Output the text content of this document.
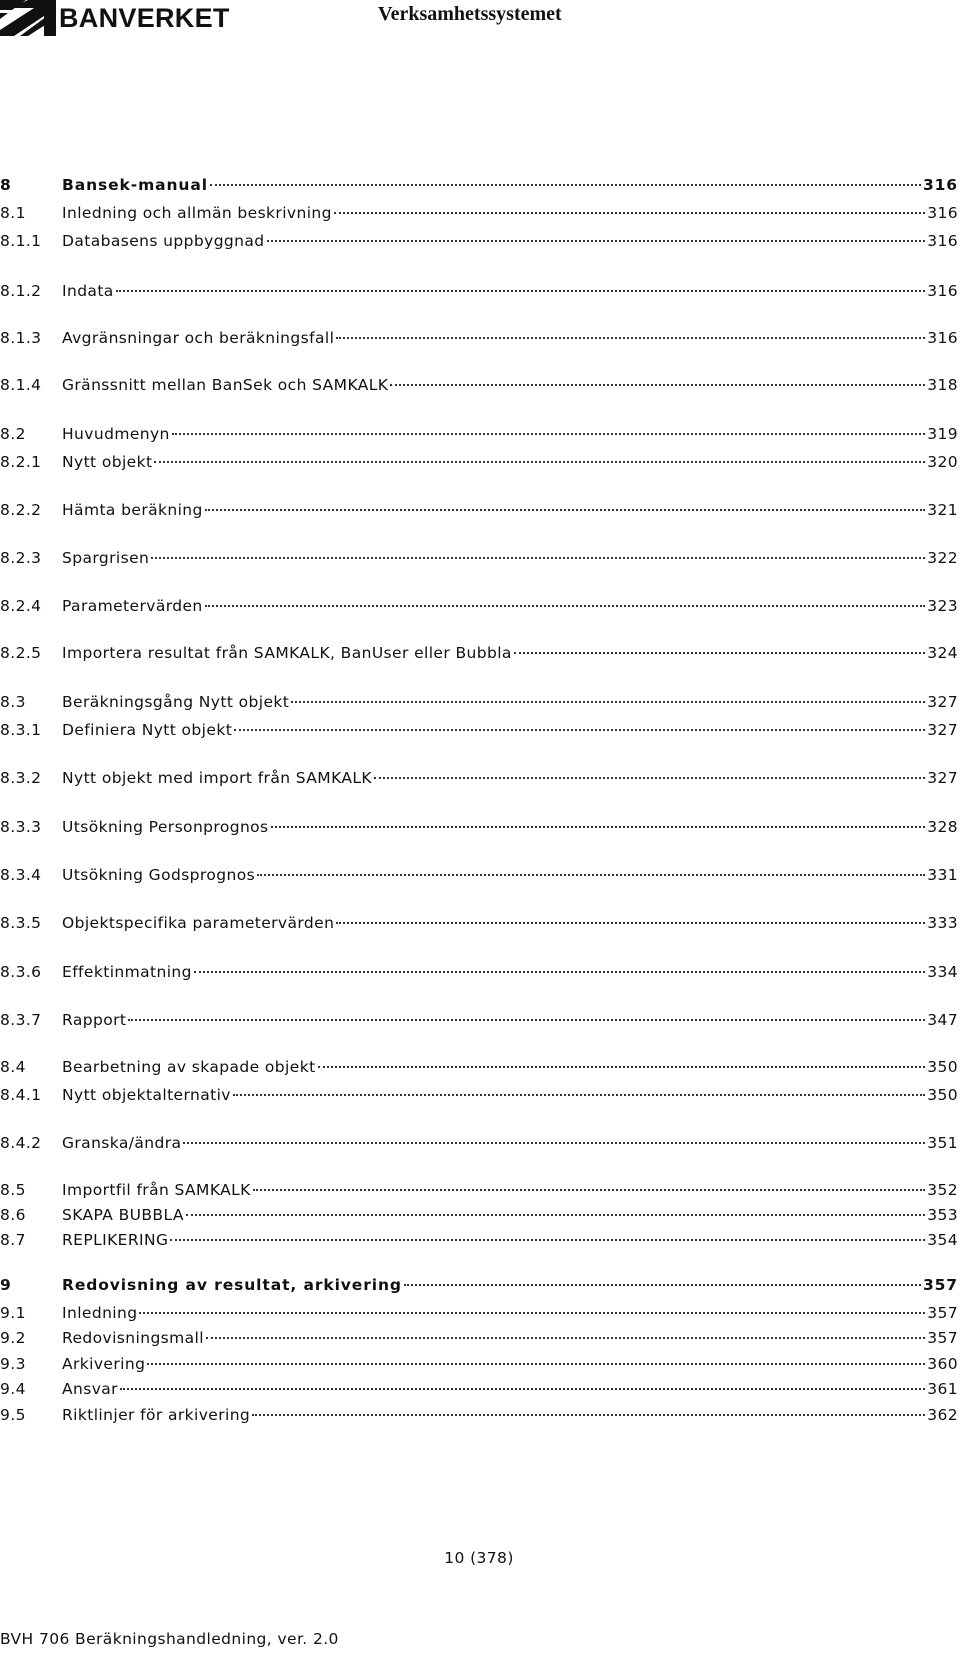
BANVERKET	Verksamhetssystemet
8	Bansek-manual	316
8.1	Inledning och allmän beskrivning	316
8.1.1	Databasens uppbyggnad	316
8.1.2	Indata	316
8.1.3	Avgränsningar och beräkningsfall	316
8.1.4	Gränssnitt mellan BanSek och SAMKALK	318
8.2	Huvudmenyn	319
8.2.1	Nytt objekt	320
8.2.2	Hämta beräkning	321
8.2.3	Spargrisen	322
8.2.4	Parametervärden	323
8.2.5	Importera resultat från SAMKALK, BanUser eller Bubbla	324
8.3	Beräkningsgång Nytt objekt	327
8.3.1	Definiera Nytt objekt	327
8.3.2	Nytt objekt med import från SAMKALK	327
8.3.3	Utsökning Personprognos	328
8.3.4	Utsökning Godsprognos	331
8.3.5	Objektspecifika parametervärden	333
8.3.6	Effektinmatning	334
8.3.7	Rapport	347
8.4	Bearbetning av skapade objekt	350
8.4.1	Nytt objektalternativ	350
8.4.2	Granska/ändra	351
8.5	Importfil från SAMKALK	352
8.6	SKAPA BUBBLA	353
8.7	REPLIKERING	354
9	Redovisning av resultat, arkivering	357
9.1	Inledning	357
9.2	Redovisningsmall	357
9.3	Arkivering	360
9.4	Ansvar	361
9.5	Riktlinjer för arkivering	362
10 (378)
BVH 706 Beräkningshandledning, ver. 2.0
